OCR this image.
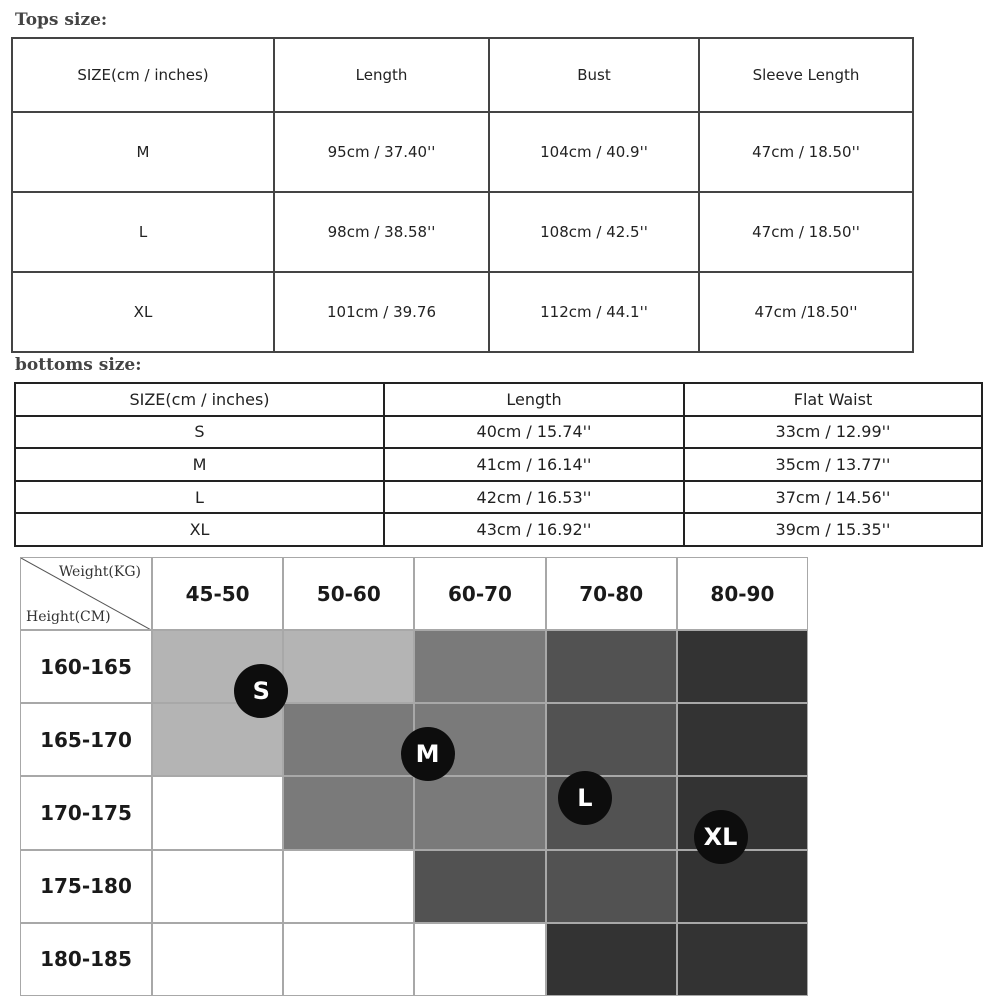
Tops size:
SIZE(cm / inches)	Length	Bust	Sleeve Length
M	95cm / 37.40''	104cm / 40.9''	47cm / 18.50''
L	98cm / 38.58''	108cm / 42.5''	47cm / 18.50''
XL	101cm / 39.76	112cm / 44.1''	47cm /18.50''
bottoms size:
SIZE(cm / inches)	Length	Flat Waist
S	40cm / 15.74''	33cm / 12.99''
M	41cm / 16.14''	35cm / 13.77''
L	42cm / 16.53''	37cm / 14.56''
XL	43cm / 16.92''	39cm / 15.35''
Weight(KG)
Height(CM)
45-50	50-60	60-70	70-80	80-90
160-165
165-170
170-175
175-180
180-185
S
M
L
XL
